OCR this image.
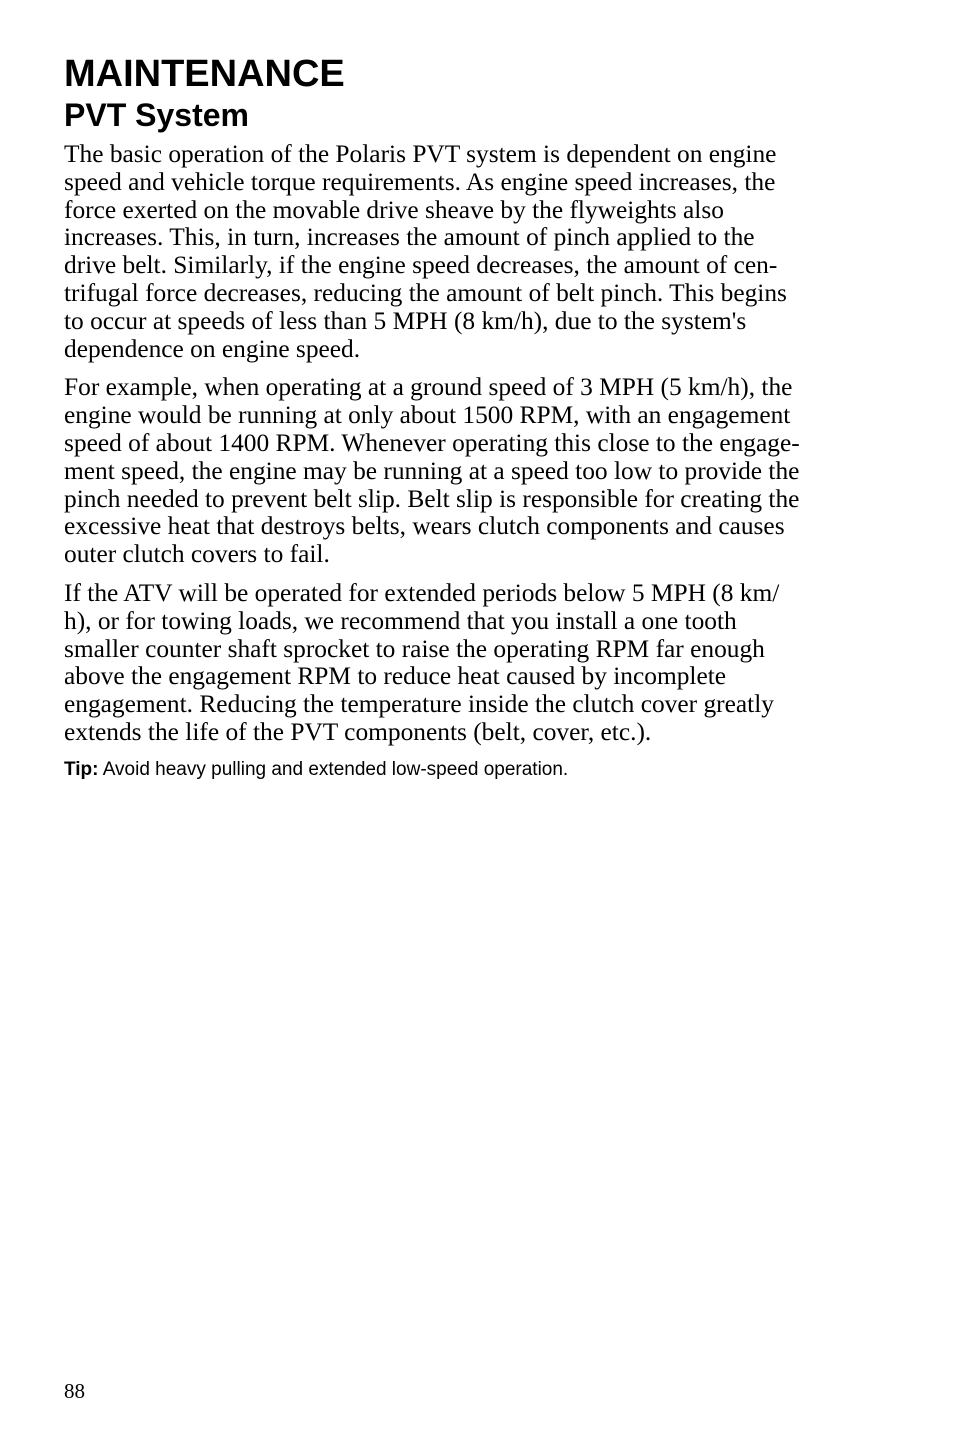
MAINTENANCE
PVT System

The basic operation of the Polaris PVT system is dependent on engine
speed and vehicle torque requirements. As engine speed increases, the
force exerted on the movable drive sheave by the flyweights also
increases. This, in turn, increases the amount of pinch applied to the
drive belt. Similarly, if the engine speed decreases, the amount of cen-
trifugal force decreases, reducing the amount of belt pinch. This begins
to occur at speeds of less than 5 MPH (8 km/h), due to the system's
dependence on engine speed.

For example, when operating at a ground speed of 3 MPH (5 km/h), the
engine would be running at only about 1500 RPM, with an engagement
speed of about 1400 RPM. Whenever operating this close to the engage-
ment speed, the engine may be running at a speed too low to provide the
pinch needed to prevent belt slip. Belt slip is responsible for creating the
excessive heat that destroys belts, wears clutch components and causes
outer clutch covers to fail.

If the ATV will be operated for extended periods below 5 MPH (8 km/
h), or for towing loads, we recommend that you install a one tooth
smaller counter shaft sprocket to raise the operating RPM far enough
above the engagement RPM to reduce heat caused by incomplete
engagement. Reducing the temperature inside the clutch cover greatly
extends the life of the PVT components (belt, cover, etc.).

Tip: Avoid heavy pulling and extended low-speed operation.

88
